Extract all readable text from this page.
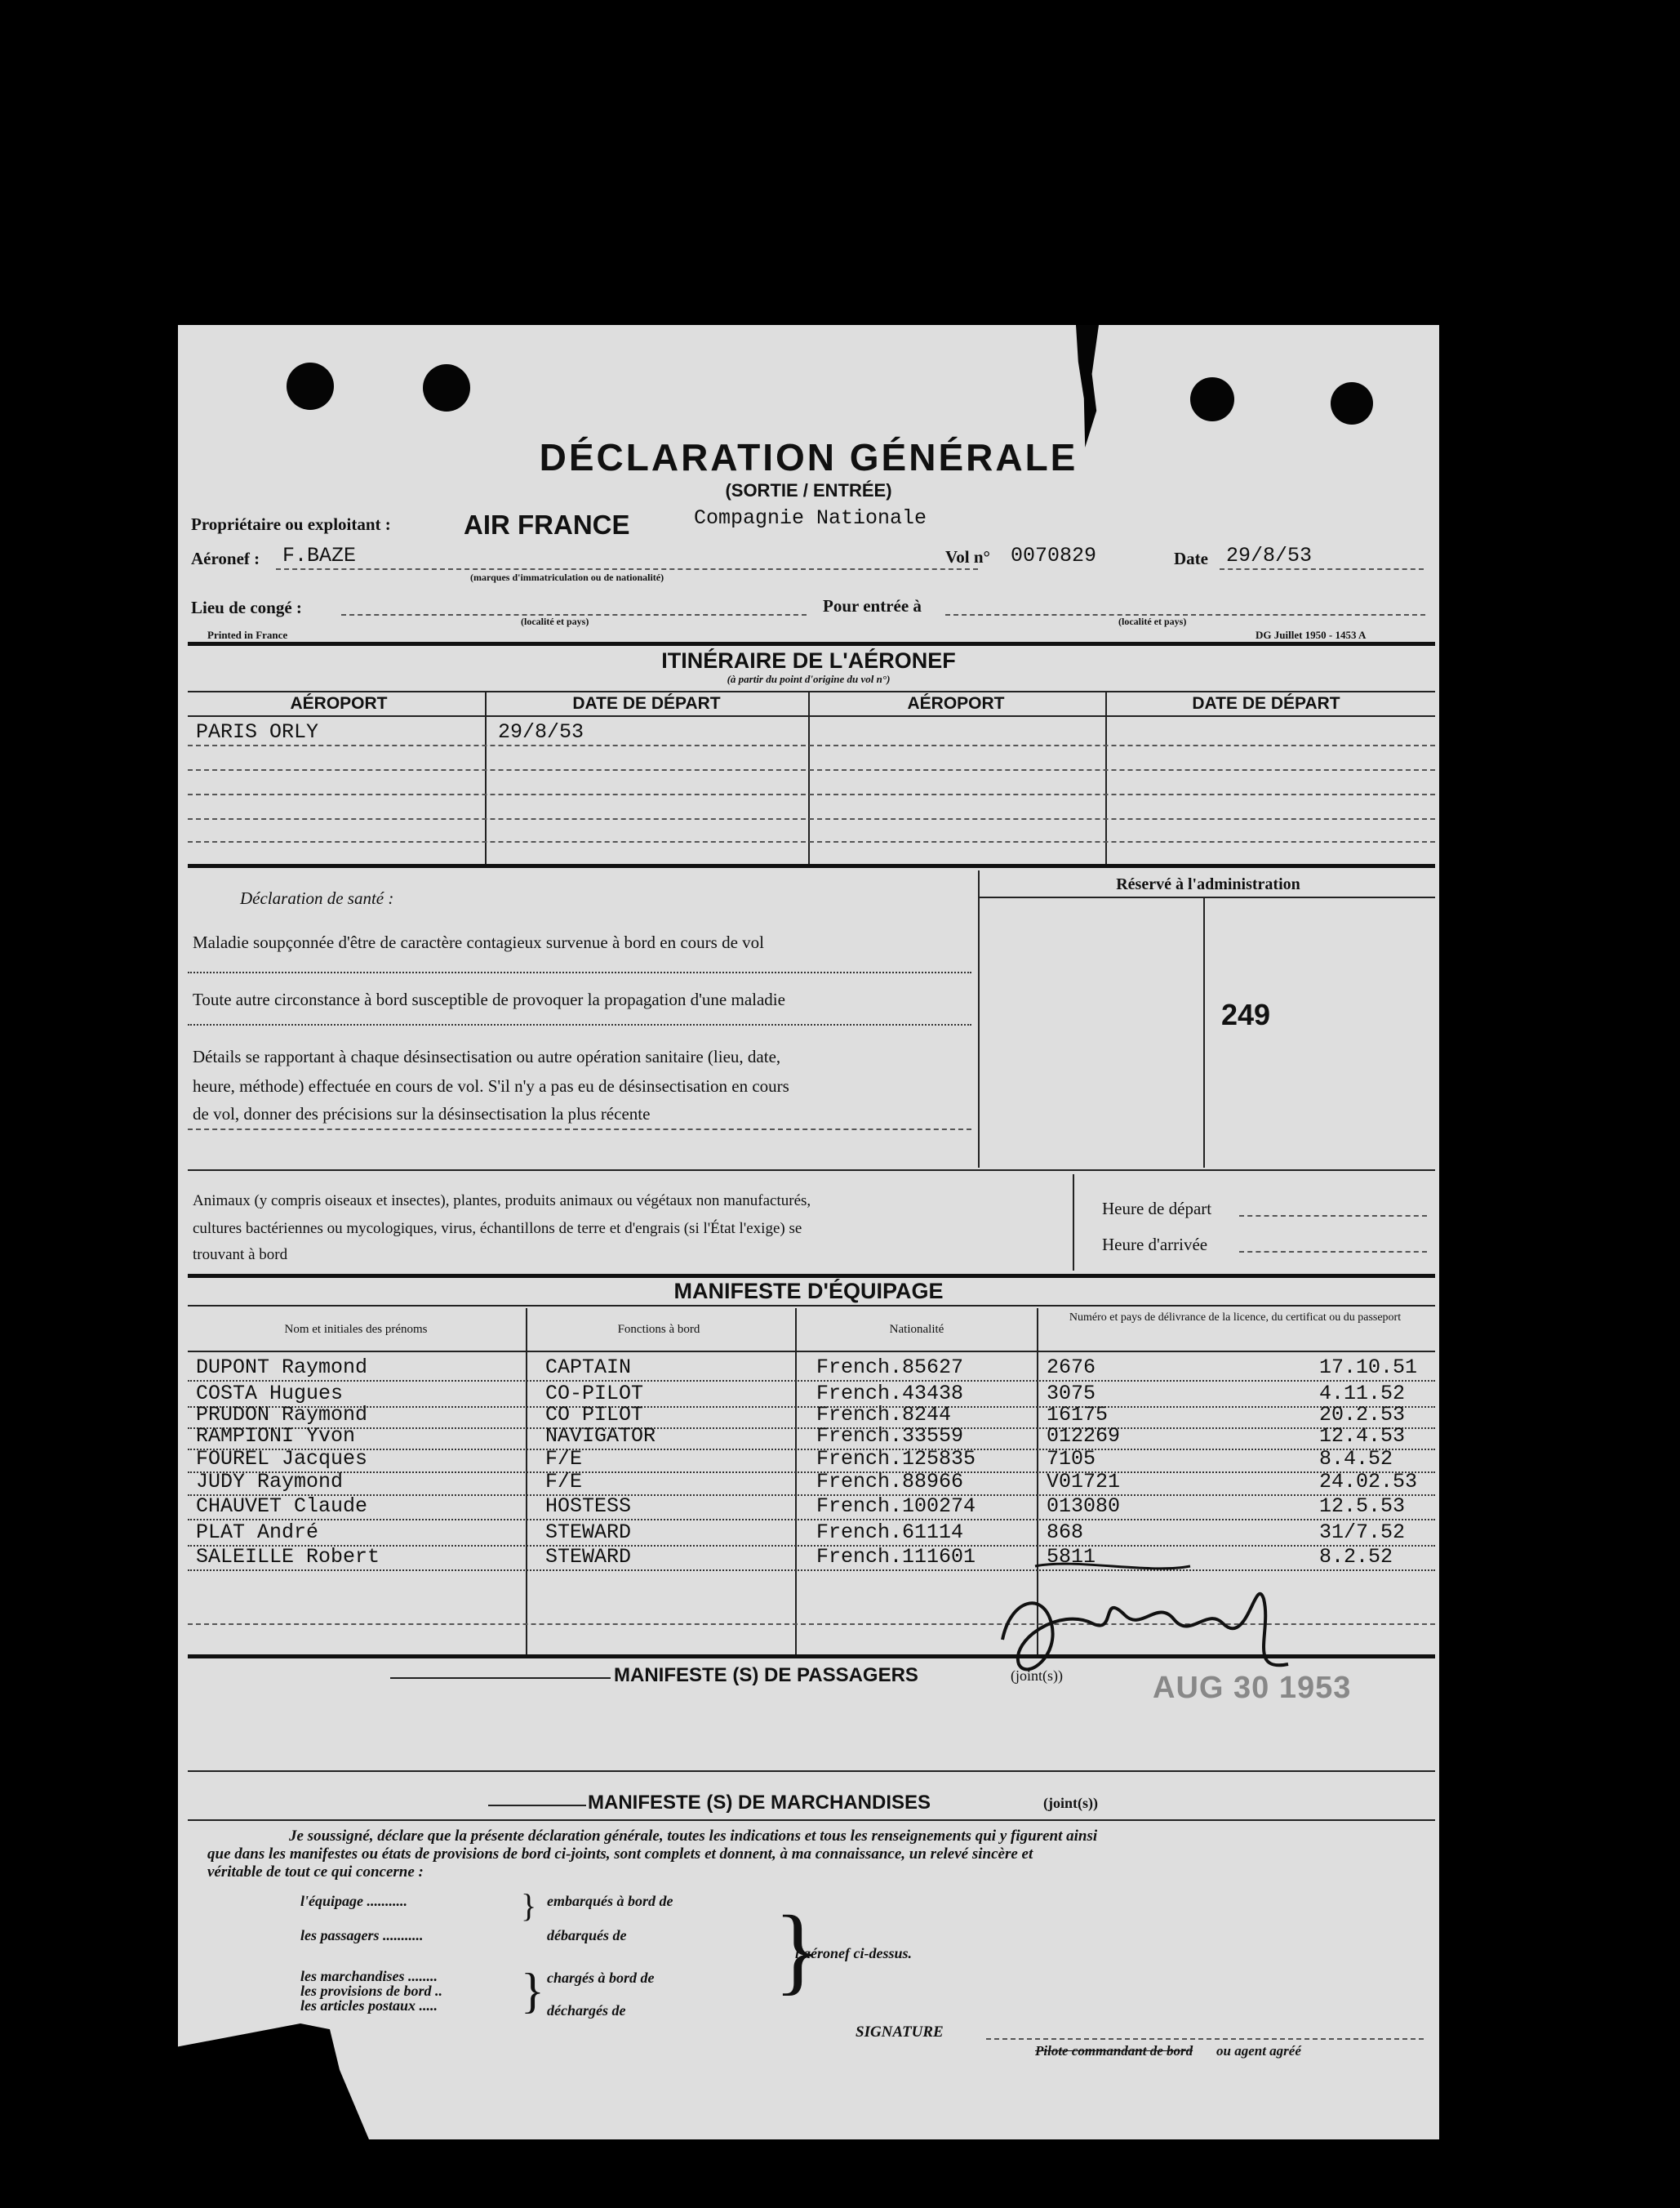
DÉCLARATION GÉNÉRALE
(SORTIE / ENTRÉE)
Propriétaire ou exploitant :	AIR FRANCE	Compagnie Nationale
Aéronef : F.BAZE
(marques d'immatriculation ou de nationalité)
Vol n° 0070829	Date 29/8/53
Lieu de congé :
(localité et pays)
Pour entrée à
(localité et pays)
Printed in France	DG Juillet 1950 - 1453 A
ITINÉRAIRE DE L'AÉRONEF
(à partir du point d'origine du vol n°)
AÉROPORT	DATE DE DÉPART	AÉROPORT	DATE DE DÉPART
PARIS ORLY	29/8/53
Déclaration de santé :
Maladie soupçonnée d'être de caractère contagieux survenue à bord en cours de vol
Toute autre circonstance à bord susceptible de provoquer la propagation d'une maladie
Détails se rapportant à chaque désinsectisation ou autre opération sanitaire (lieu, date,
heure, méthode) effectuée en cours de vol. S'il n'y a pas eu de désinsectisation en cours
de vol, donner des précisions sur la désinsectisation la plus récente
Réservé à l'administration
249
Animaux (y compris oiseaux et insectes), plantes, produits animaux ou végétaux non manufacturés,
cultures bactériennes ou mycologiques, virus, échantillons de terre et d'engrais (si l'État l'exige) se
trouvant à bord
Heure de départ
Heure d'arrivée
MANIFESTE D'ÉQUIPAGE
Nom et initiales des prénoms	Fonctions à bord	Nationalité
Numéro et pays de délivrance de la licence, du certificat ou du passeport
DUPONT Raymond	CAPTAIN	French.85627	2676	17.10.51
COSTA Hugues	CO-PILOT	French.43438	3075	4.11.52
PRUDON Raymond	CO PILOT	French.8244	16175	20.2.53
RAMPIONI Yvon	NAVIGATOR	French.33559	012269	12.4.53
FOUREL Jacques	F/E	French.125835	7105	8.4.52
JUDY Raymond	F/E	French.88966	V01721	24.02.53
CHAUVET Claude	HOSTESS	French.100274	013080	12.5.53
PLAT André	STEWARD	French.61114	868	31/7.52
SALEILLE Robert	STEWARD	French.111601	5811	8.2.52
MANIFESTE (S) DE PASSAGERS	(joint(s))	AUG 30 1953
MANIFESTE (S) DE MARCHANDISES	(joint(s))
Je soussigné, déclare que la présente déclaration générale, toutes les indications et tous les renseignements qui y figurent ainsi
que dans les manifestes ou états de provisions de bord ci-joints, sont complets et donnent, à ma connaissance, un relevé sincère et
véritable de tout ce qui concerne :
l'équipage ...........
les passagers ...........
les marchandises ........
les provisions de bord ..
les articles postaux .....
}
}
embarqués à bord de
débarqués de
chargés à bord de
déchargés de
}
l'aéronef ci-dessus.
SIGNATURE
Pilote commandant de bord ou agent agréé
